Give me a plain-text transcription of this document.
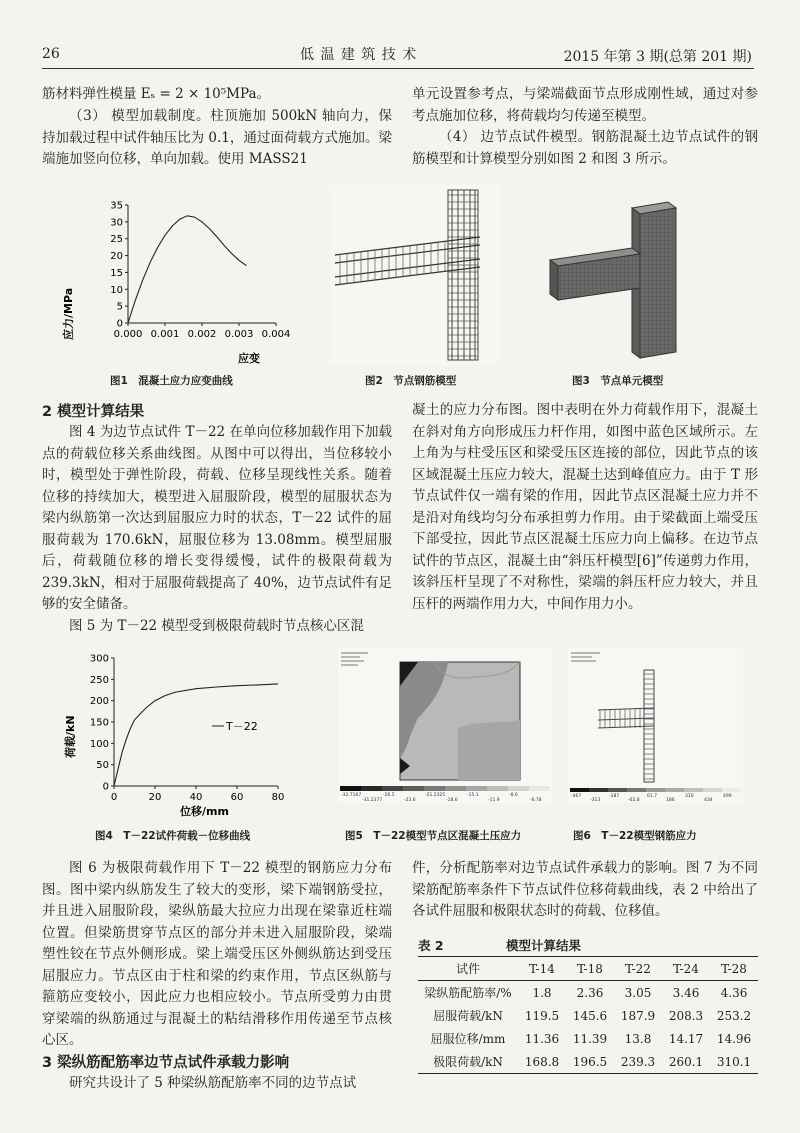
26	低 温 建 筑 技 术	2015 年第 3 期(总第 201 期)
筋材料弹性模量 Eₛ = 2 × 10⁵MPa。
（3） 模型加载制度。柱顶施加 500kN 轴向力，保持加载过程中试件轴压比为 0.1，通过面荷载方式施加。梁端施加竖向位移，单向加载。使用 MASS21
单元设置参考点，与梁端截面节点形成刚性域，通过对参考点施加位移，将荷载均匀传递至模型。
（4） 边节点试件模型。钢筋混凝土边节点试件的钢筋模型和计算模型分别如图 2 和图 3 所示。
0.000 0.001 0.002 0.003 0.004
0
5
10
15
20
25
30
35
应力/MPa
应变
图1　混凝土应力应变曲线	图2　节点钢筋模型	图3　节点单元模型
2 模型计算结果
图 4 为边节点试件 T－22 在单向位移加载作用下加载点的荷载位移关系曲线图。从图中可以得出，当位移较小时，模型处于弹性阶段，荷载、位移呈现线性关系。随着位移的持续加大，模型进入屈服阶段，模型的屈服状态为梁内纵筋第一次达到屈服应力时的状态，T－22 试件的屈服荷载为 170.6kN，屈服位移为 13.08mm。模型屈服后，荷载随位移的增长变得缓慢，试件的极限荷载为 239.3kN，相对于屈服荷载提高了 40%，边节点试件有足够的安全储备。
图 5 为 T－22 模型受到极限荷载时节点核心区混
凝土的应力分布图。图中表明在外力荷载作用下，混凝土在斜对角方向形成压力杆作用，如图中蓝色区域所示。左上角为与柱受压区和梁受压区连接的部位，因此节点的该区域混凝土压应力较大，混凝土达到峰值应力。由于 T 形节点试件仅一端有梁的作用，因此节点区混凝土应力并不是沿对角线均匀分布承担剪力作用。由于梁截面上端受压下部受拉，因此节点区混凝土压应力向上偏移。在边节点试件的节点区，混凝土由“斜压杆模型[6]”传递剪力作用，该斜压杆呈现了不对称性，梁端的斜压杆应力较大，并且压杆的两端作用力大，中间作用力小。
0	20	40	60	80
0
50
100
150
200
250
300
T－22
荷载/kN
位移/mm
-32.7167
-31.2377
-26.5
-23.6
-21.2325
-18.6
-15.1
-11.9
-8.6
-6.78
-467
-313
-187
-62.8
61.7
186
310
434
499
图4　T－22试件荷载－位移曲线	图5　T－22模型节点区混凝土压应力	图6　T－22模型钢筋应力
图 6 为极限荷载作用下 T－22 模型的钢筋应力分布图。图中梁内纵筋发生了较大的变形，梁下端钢筋受拉，并且进入屈服阶段，梁纵筋最大拉应力出现在梁靠近柱端位置。但梁筋贯穿节点区的部分并未进入屈服阶段，梁端塑性铰在节点外侧形成。梁上端受压区外侧纵筋达到受压屈服应力。节点区由于柱和梁的约束作用，节点区纵筋与箍筋应变较小，因此应力也相应较小。节点所受剪力由贯穿梁端的纵筋通过与混凝土的粘结滑移作用传递至节点核心区。
3 梁纵筋配筋率边节点试件承载力影响
研究共设计了 5 种梁纵筋配筋率不同的边节点试
件，分析配筋率对边节点试件承载力的影响。图 7 为不同梁筋配筋率条件下节点试件位移荷载曲线，表 2 中给出了各试件屈服和极限状态时的荷载、位移值。
表 2　　　　　模型计算结果
试件	T-14	T-18	T-22	T-24	T-28
梁纵筋配筋率/%	1.8	2.36	3.05	3.46	4.36
屈服荷载/kN	119.5	145.6	187.9	208.3	253.2
屈服位移/mm	11.36	11.39	13.8	14.17	14.96
极限荷载/kN	168.8	196.5	239.3	260.1	310.1
